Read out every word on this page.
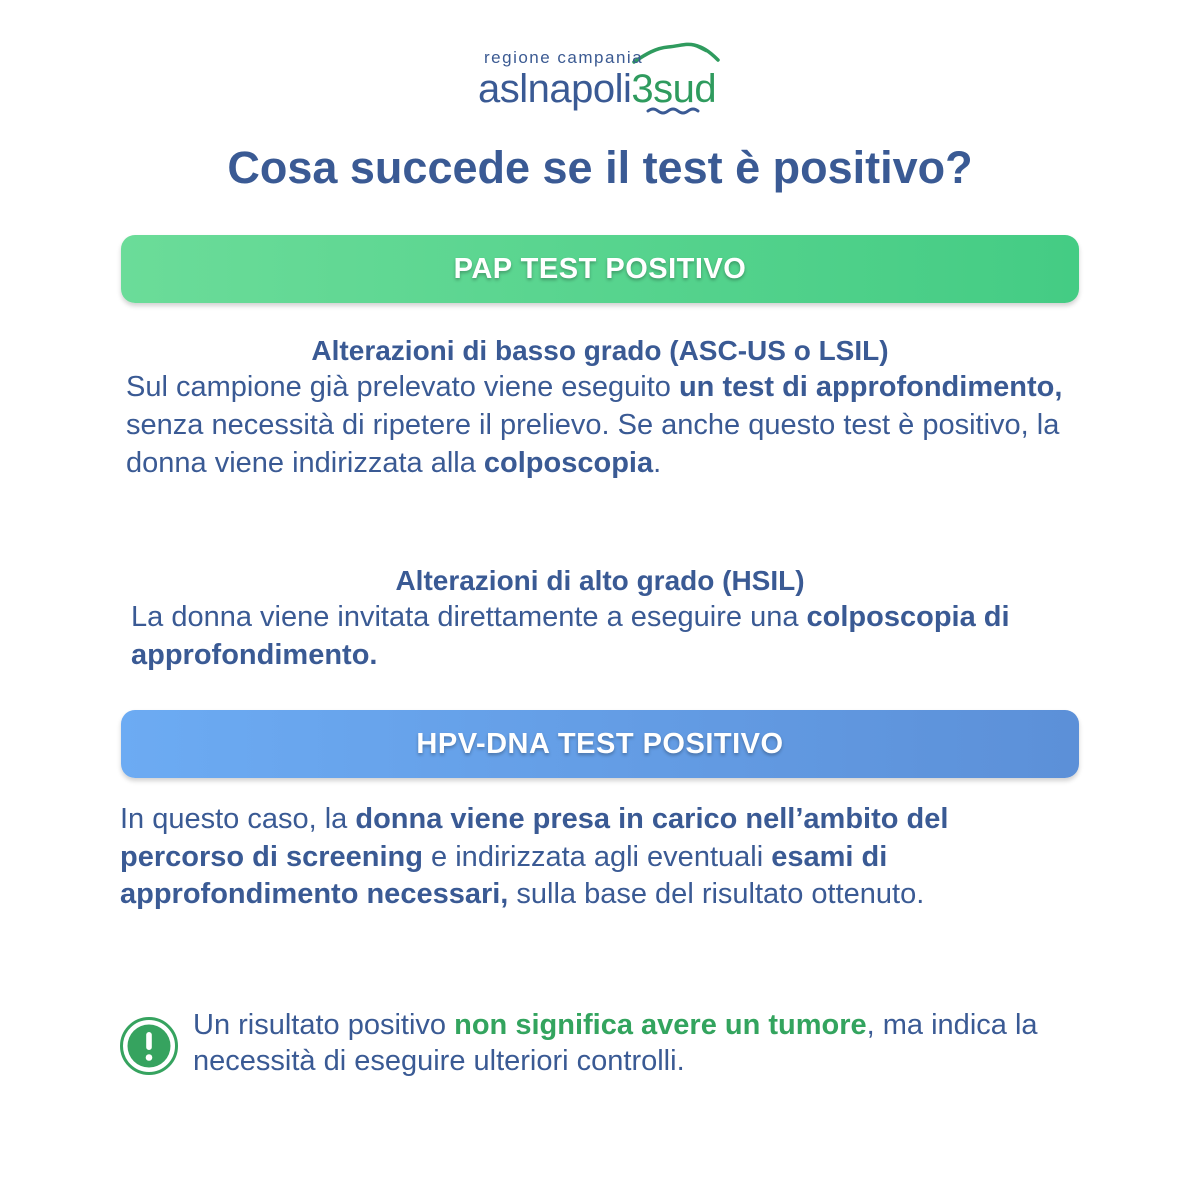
regione campania
aslnapoli3sud
Cosa succede se il test è positivo?
PAP TEST POSITIVO
Alterazioni di basso grado (ASC-US o LSIL)
Sul campione già prelevato viene eseguito un test di approfondimento, senza necessità di ripetere il prelievo. Se anche questo test è positivo, la donna viene indirizzata alla colposcopia.
Alterazioni di alto grado (HSIL)
La donna viene invitata direttamente a eseguire una colposcopia di approfondimento.
HPV-DNA TEST POSITIVO
In questo caso, la donna viene presa in carico nell’ambito del percorso di screening e indirizzata agli eventuali esami di approfondimento necessari, sulla base del risultato ottenuto.
Un risultato positivo non significa avere un tumore, ma indica la necessità di eseguire ulteriori controlli.
